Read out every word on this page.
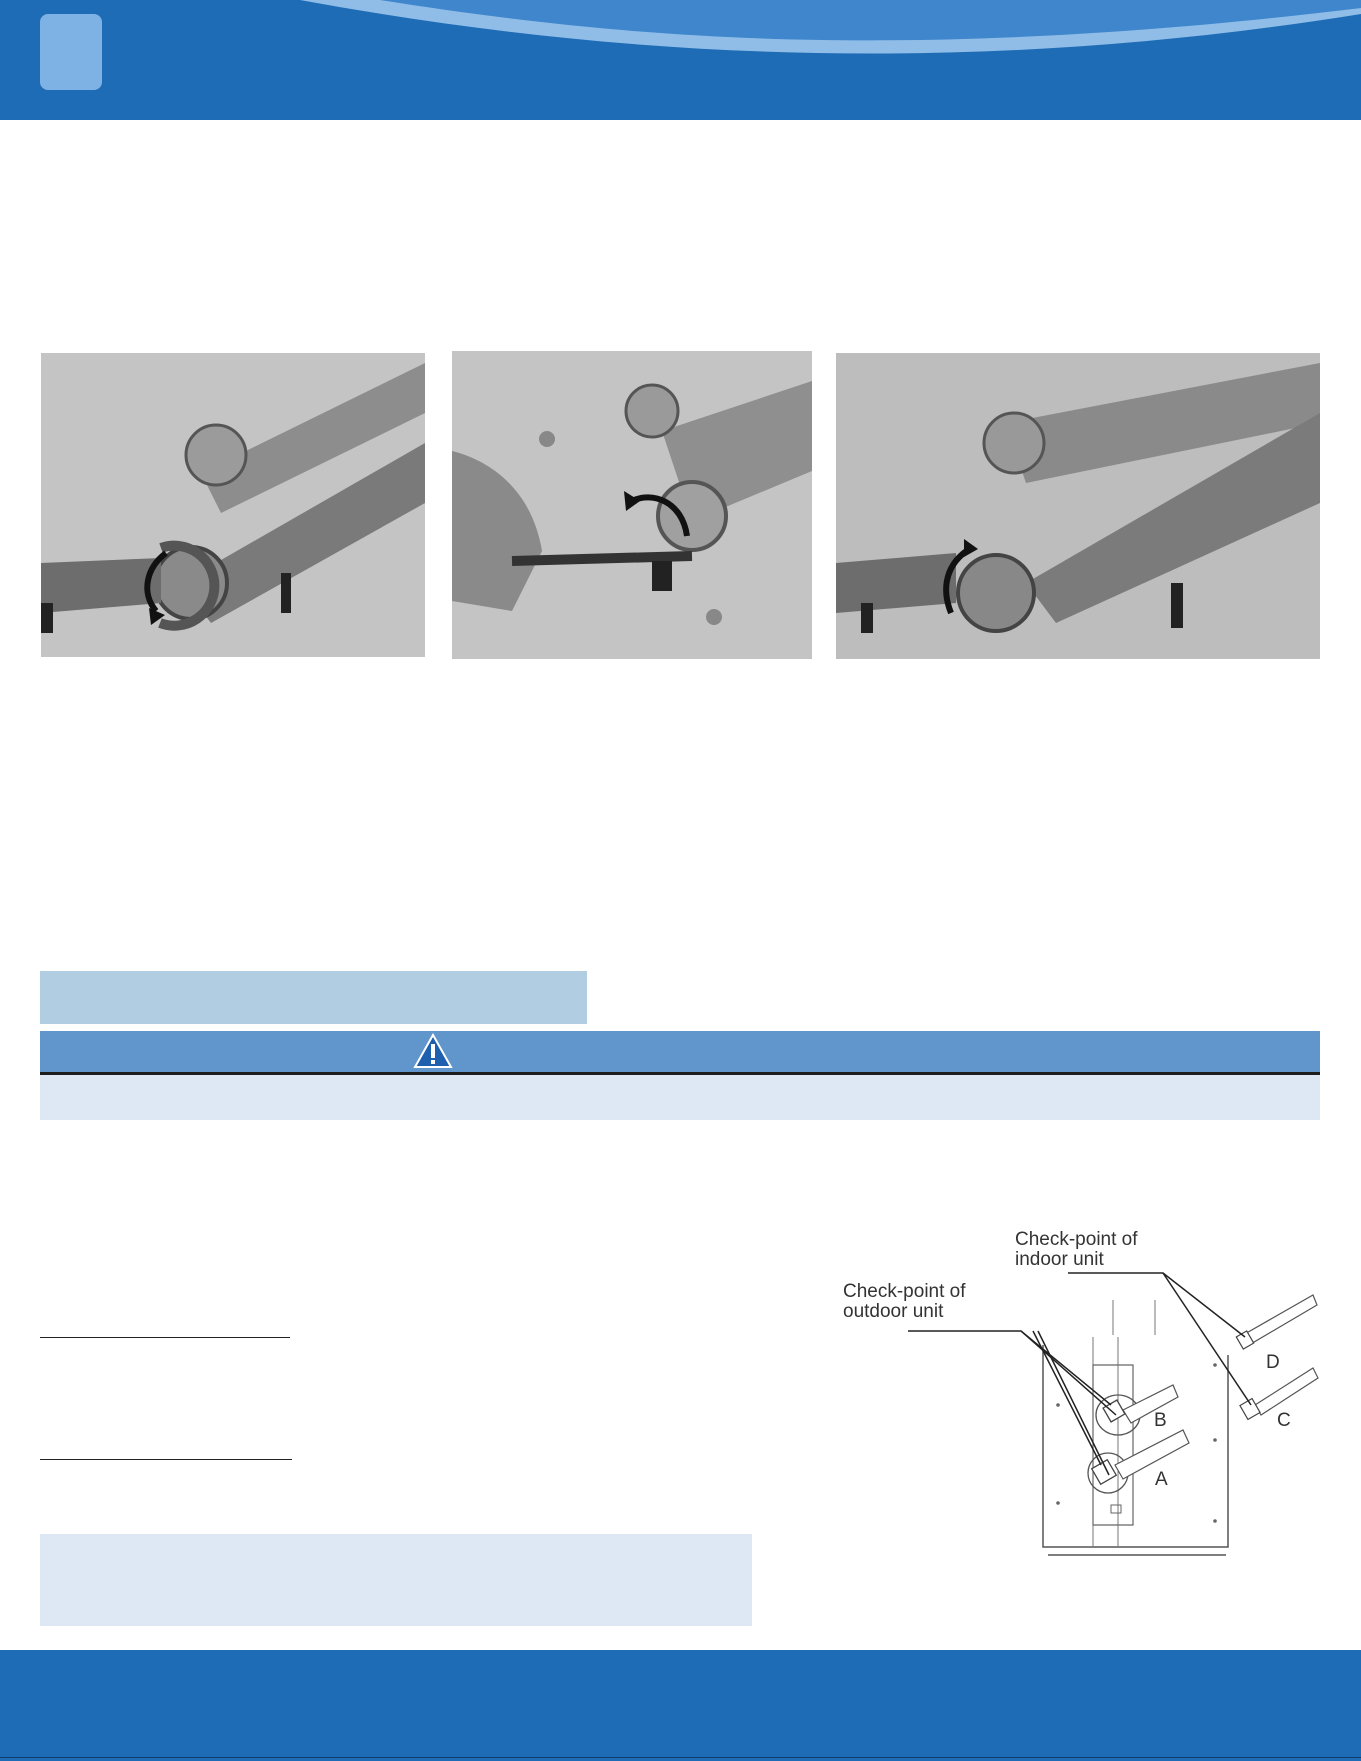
Check-point of
indoor unit
Check-point of
outdoor unit
A
B	C
D
